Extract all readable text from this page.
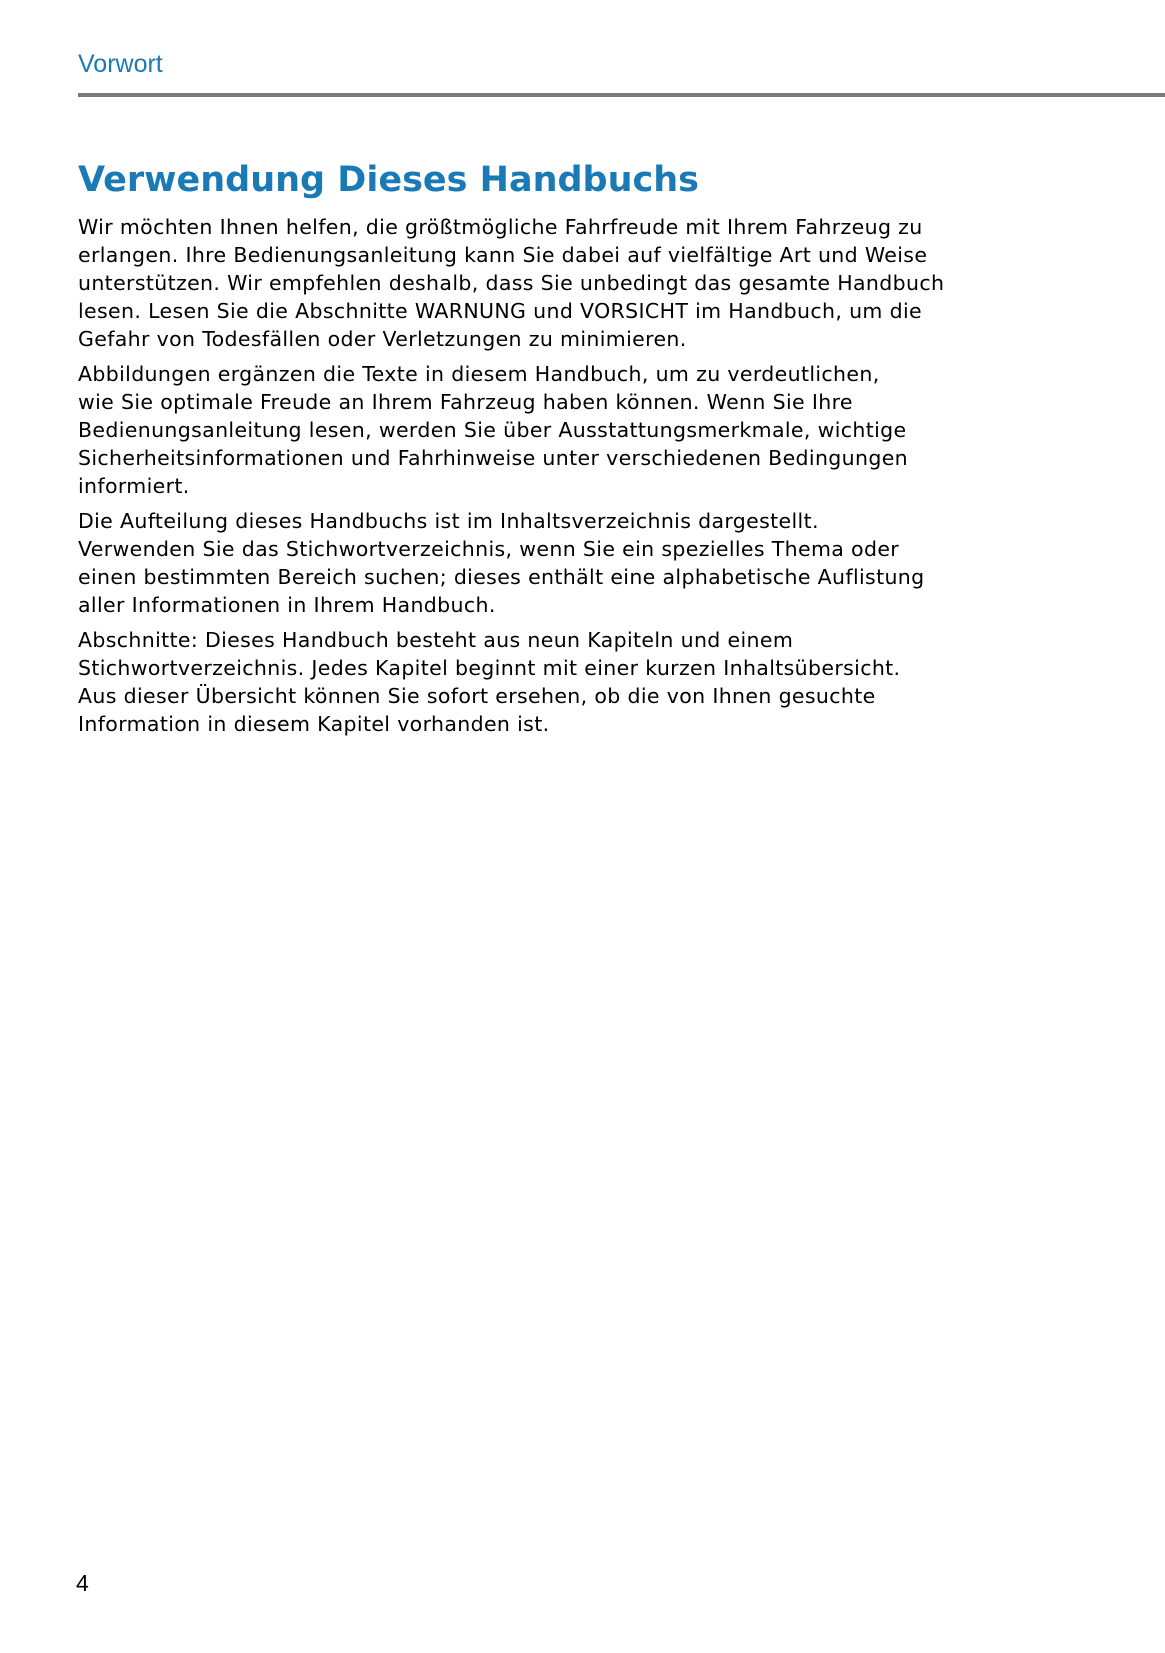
Vorwort
Verwendung Dieses Handbuchs

Wir möchten Ihnen helfen, die größtmögliche Fahrfreude mit Ihrem Fahrzeug zu
erlangen. Ihre Bedienungsanleitung kann Sie dabei auf vielfältige Art und Weise
unterstützen. Wir empfehlen deshalb, dass Sie unbedingt das gesamte Handbuch
lesen. Lesen Sie die Abschnitte WARNUNG und VORSICHT im Handbuch, um die
Gefahr von Todesfällen oder Verletzungen zu minimieren.

Abbildungen ergänzen die Texte in diesem Handbuch, um zu verdeutlichen,
wie Sie optimale Freude an Ihrem Fahrzeug haben können. Wenn Sie Ihre
Bedienungsanleitung lesen, werden Sie über Ausstattungsmerkmale, wichtige
Sicherheitsinformationen und Fahrhinweise unter verschiedenen Bedingungen
informiert.

Die Aufteilung dieses Handbuchs ist im Inhaltsverzeichnis dargestellt.
Verwenden Sie das Stichwortverzeichnis, wenn Sie ein spezielles Thema oder
einen bestimmten Bereich suchen; dieses enthält eine alphabetische Auflistung
aller Informationen in Ihrem Handbuch.

Abschnitte: Dieses Handbuch besteht aus neun Kapiteln und einem
Stichwortverzeichnis. Jedes Kapitel beginnt mit einer kurzen Inhaltsübersicht.
Aus dieser Übersicht können Sie sofort ersehen, ob die von Ihnen gesuchte
Information in diesem Kapitel vorhanden ist.

4
